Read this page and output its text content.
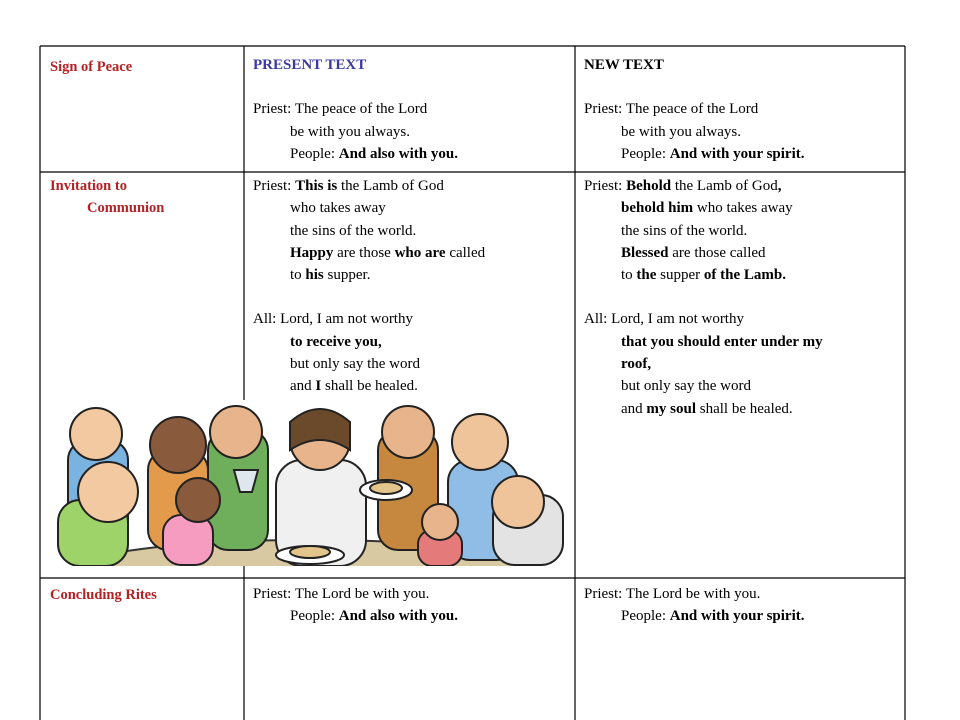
Sign of Peace	PRESENT TEXT
Priest: The peace of the Lord
be with you always.
People: And also with you.
NEW TEXT
Priest: The peace of the Lord
be with you always.
People: And with your spirit.
Invitation to
Communion
Priest: This is the Lamb of God
who takes away
the sins of the world.
Happy are those who are called
to his supper.
All: Lord, I am not worthy
to receive you,
but only say the word
and I shall be healed.
Priest: Behold the Lamb of God,
behold him who takes away
the sins of the world.
Blessed are those called
to the supper of the Lamb.
All: Lord, I am not worthy
that you should enter under my
roof,
but only say the word
and my soul shall be healed.
Concluding Rites	Priest: The Lord be with you.
People: And also with you.
Priest: The Lord be with you.
People: And with your spirit.
